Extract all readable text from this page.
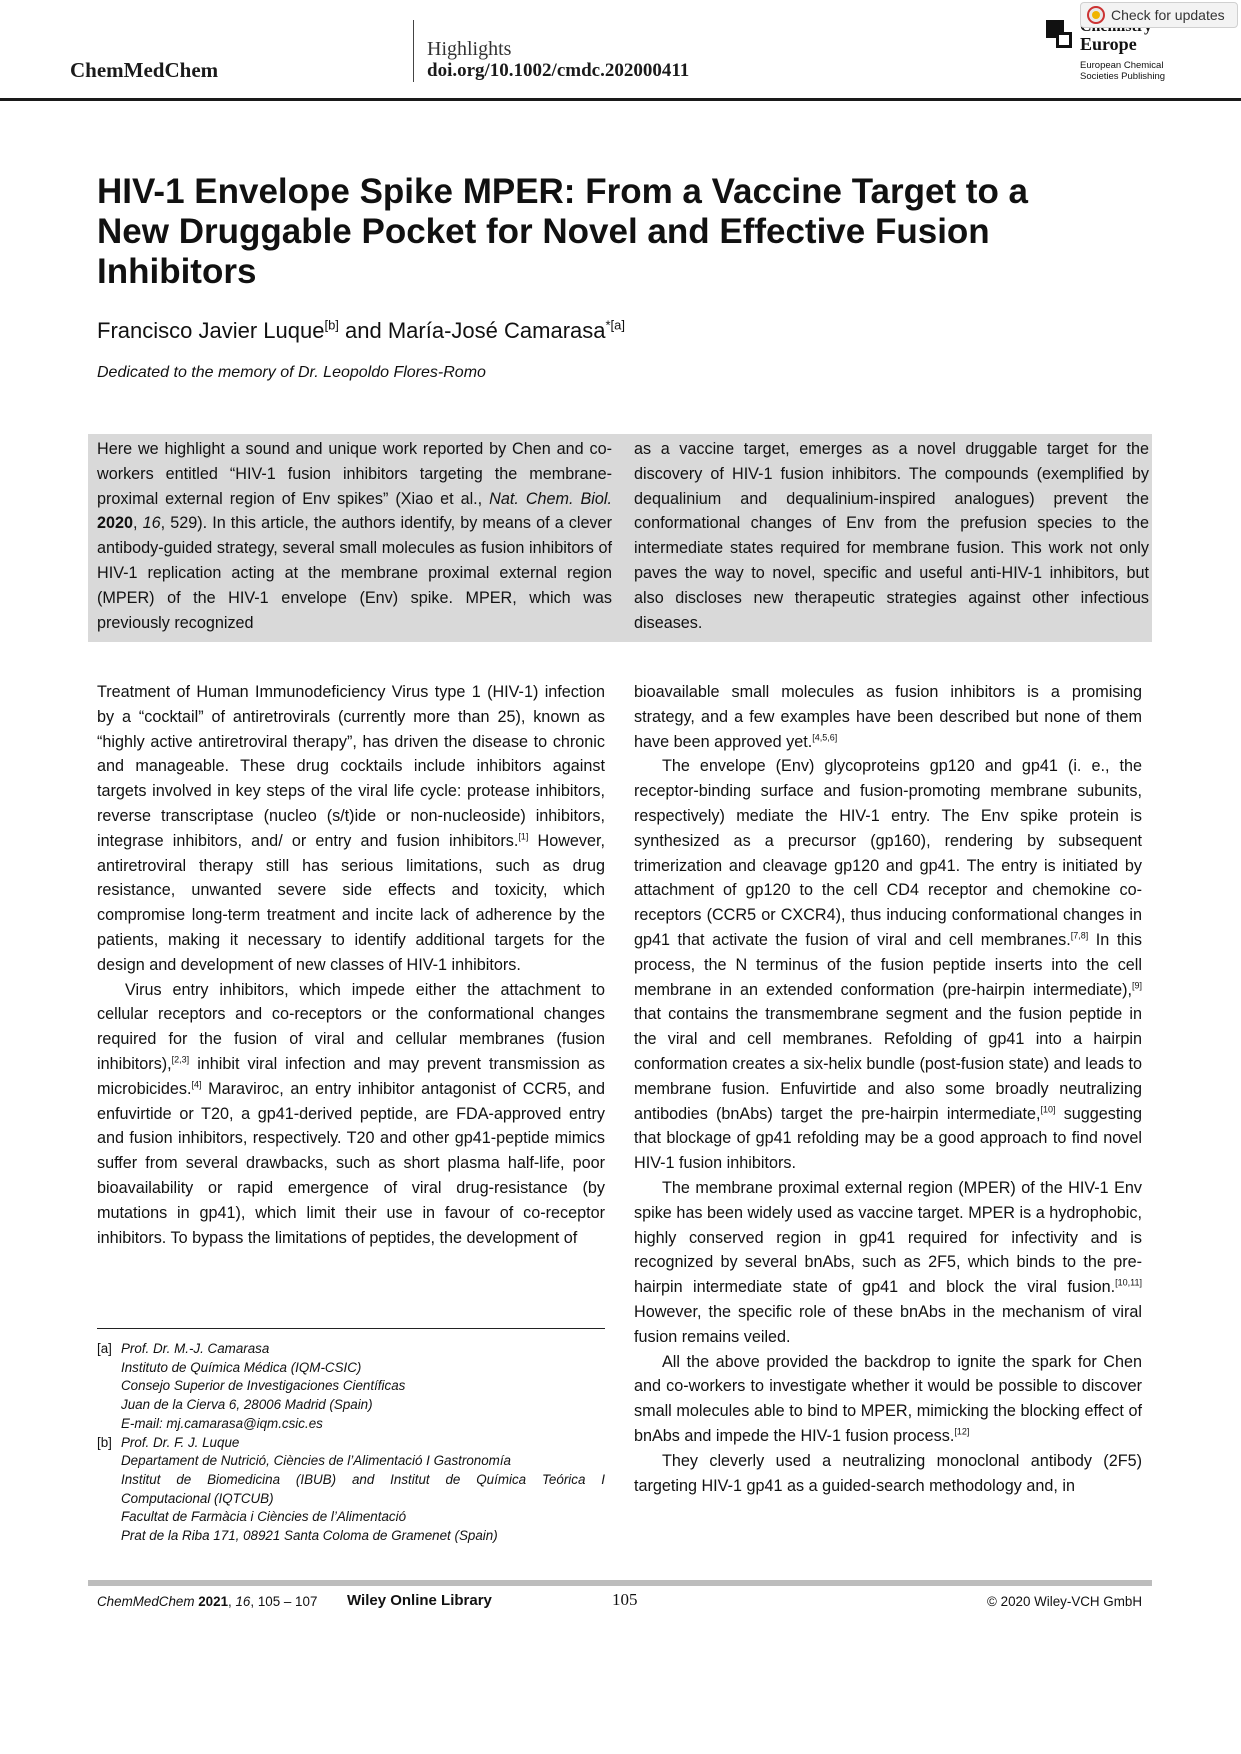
ChemMedChem
Highlights
doi.org/10.1002/cmdc.202000411
Europe
European Chemical
Societies Publishing
Check for updates
HIV-1 Envelope Spike MPER: From a Vaccine Target to a New Druggable Pocket for Novel and Effective Fusion Inhibitors
Francisco Javier Luque[b] and María-José Camarasa$^{*[a]}$
Dedicated to the memory of Dr. Leopoldo Flores-Romo
Here we highlight a sound and unique work reported by Chen and co-workers entitled “HIV-1 fusion inhibitors targeting the membrane-proximal external region of Env spikes” (Xiao et al., Nat. Chem. Biol. 2020, 16, 529). In this article, the authors identify, by means of a clever antibody-guided strategy, several small molecules as fusion inhibitors of HIV-1 replication acting at the membrane proximal external region (MPER) of the HIV-1 envelope (Env) spike. MPER, which was previously recognized
as a vaccine target, emerges as a novel druggable target for the discovery of HIV-1 fusion inhibitors. The compounds (exemplified by dequalinium and dequalinium-inspired analogues) prevent the conformational changes of Env from the prefusion species to the intermediate states required for membrane fusion. This work not only paves the way to novel, specific and useful anti-HIV-1 inhibitors, but also discloses new therapeutic strategies against other infectious diseases.

Treatment of Human Immunodeficiency Virus type 1 (HIV-1) infection by a “cocktail” of antiretrovirals (currently more than 25), known as “highly active antiretroviral therapy”, has driven the disease to chronic and manageable. These drug cocktails include inhibitors against targets involved in key steps of the viral life cycle: protease inhibitors, reverse transcriptase (nucleo (s/t)ide or non-nucleoside) inhibitors, integrase inhibitors, and/ or entry and fusion inhibitors.[1] However, antiretroviral therapy still has serious limitations, such as drug resistance, unwanted severe side effects and toxicity, which compromise long-term treatment and incite lack of adherence by the patients, making it necessary to identify additional targets for the design and development of new classes of HIV-1 inhibitors.

Virus entry inhibitors, which impede either the attachment to cellular receptors and co-receptors or the conformational changes required for the fusion of viral and cellular membranes (fusion inhibitors),[2,3] inhibit viral infection and may prevent transmission as microbicides.[4] Maraviroc, an entry inhibitor antagonist of CCR5, and enfuvirtide or T20, a gp41-derived peptide, are FDA-approved entry and fusion inhibitors, respectively. T20 and other gp41-peptide mimics suffer from several drawbacks, such as short plasma half-life, poor bioavailability or rapid emergence of viral drug-resistance (by mutations in gp41), which limit their use in favour of co-receptor inhibitors. To bypass the limitations of peptides, the development of

bioavailable small molecules as fusion inhibitors is a promising strategy, and a few examples have been described but none of them have been approved yet.[4,5,6]

The envelope (Env) glycoproteins gp120 and gp41 (i. e., the receptor-binding surface and fusion-promoting membrane subunits, respectively) mediate the HIV-1 entry. The Env spike protein is synthesized as a precursor (gp160), rendering by subsequent trimerization and cleavage gp120 and gp41. The entry is initiated by attachment of gp120 to the cell CD4 receptor and chemokine co-receptors (CCR5 or CXCR4), thus inducing conformational changes in gp41 that activate the fusion of viral and cell membranes.[7,8] In this process, the N terminus of the fusion peptide inserts into the cell membrane in an extended conformation (pre-hairpin intermediate),[9] that contains the transmembrane segment and the fusion peptide in the viral and cell membranes. Refolding of gp41 into a hairpin conformation creates a six-helix bundle (post-fusion state) and leads to membrane fusion. Enfuvirtide and also some broadly neutralizing antibodies (bnAbs) target the pre-hairpin intermediate,[10] suggesting that blockage of gp41 refolding may be a good approach to find novel HIV-1 fusion inhibitors.

The membrane proximal external region (MPER) of the HIV-1 Env spike has been widely used as vaccine target. MPER is a hydrophobic, highly conserved region in gp41 required for infectivity and is recognized by several bnAbs, such as 2F5, which binds to the pre-hairpin intermediate state of gp41 and block the viral fusion.[10,11] However, the specific role of these bnAbs in the mechanism of viral fusion remains veiled.

All the above provided the backdrop to ignite the spark for Chen and co-workers to investigate whether it would be possible to discover small molecules able to bind to MPER, mimicking the blocking effect of bnAbs and impede the HIV-1 fusion process.[12]

They cleverly used a neutralizing monoclonal antibody (2F5) targeting HIV-1 gp41 as a guided-search methodology and, in

[a] Prof. Dr. M.-J. Camarasa
Instituto de Química Médica (IQM-CSIC)
Consejo Superior de Investigaciones Científicas
Juan de la Cierva 6, 28006 Madrid (Spain)
E-mail: mj.camarasa@iqm.csic.es
[b] Prof. Dr. F. J. Luque
Departament de Nutrició, Ciències de l’Alimentació I Gastronomía
Institut de Biomedicina (IBUB) and Institut de Química Teórica I
Computacional (IQTCUB)
Facultat de Farmàcia i Ciències de l’Alimentació
Prat de la Riba 171, 08921 Santa Coloma de Gramenet (Spain)
ChemMedChem 2021, 16, 105 – 107 Wiley Online Library	105	© 2020 Wiley-VCH GmbH
